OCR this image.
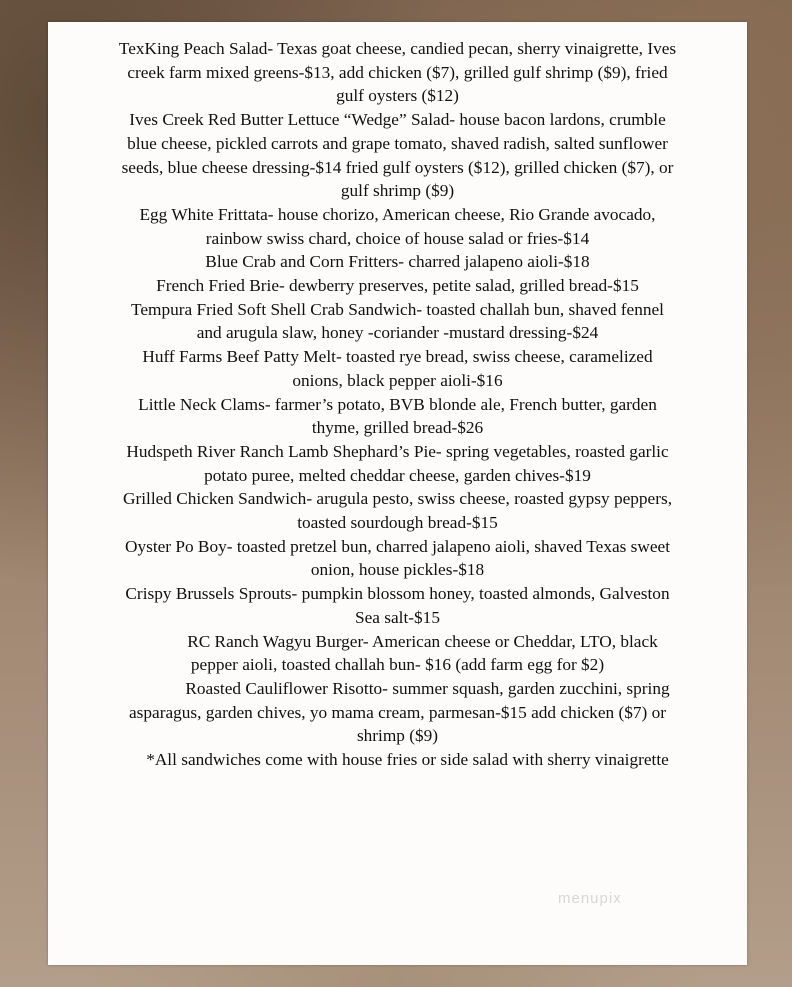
TexKing Peach Salad- Texas goat cheese, candied pecan, sherry vinaigrette, Ives creek farm mixed greens-$13, add chicken ($7), grilled gulf shrimp ($9), fried gulf oysters ($12)
Ives Creek Red Butter Lettuce “Wedge” Salad- house bacon lardons, crumble blue cheese, pickled carrots and grape tomato, shaved radish, salted sunflower seeds, blue cheese dressing-$14 fried gulf oysters ($12), grilled chicken ($7), or gulf shrimp ($9)
Egg White Frittata- house chorizo, American cheese, Rio Grande avocado, rainbow swiss chard, choice of house salad or fries-$14
Blue Crab and Corn Fritters- charred jalapeno aioli-$18
French Fried Brie- dewberry preserves, petite salad, grilled bread-$15
Tempura Fried Soft Shell Crab Sandwich- toasted challah bun, shaved fennel and arugula slaw, honey -coriander -mustard dressing-$24
Huff Farms Beef Patty Melt- toasted rye bread, swiss cheese, caramelized onions, black pepper aioli-$16
Little Neck Clams- farmer’s potato, BVB blonde ale, French butter, garden thyme, grilled bread-$26
Hudspeth River Ranch Lamb Shephard’s Pie- spring vegetables, roasted garlic potato puree, melted cheddar cheese, garden chives-$19
Grilled Chicken Sandwich- arugula pesto, swiss cheese, roasted gypsy peppers, toasted sourdough bread-$15
Oyster Po Boy- toasted pretzel bun, charred jalapeno aioli, shaved Texas sweet onion, house pickles-$18
Crispy Brussels Sprouts- pumpkin blossom honey, toasted almonds, Galveston Sea salt-$15
RC Ranch Wagyu Burger- American cheese or Cheddar, LTO, black pepper aioli, toasted challah bun- $16 (add farm egg for $2)
Roasted Cauliflower Risotto- summer squash, garden zucchini, spring asparagus, garden chives, yo mama cream, parmesan-$15 add chicken ($7) or shrimp ($9)
*All sandwiches come with house fries or side salad with sherry vinaigrette
menupix
